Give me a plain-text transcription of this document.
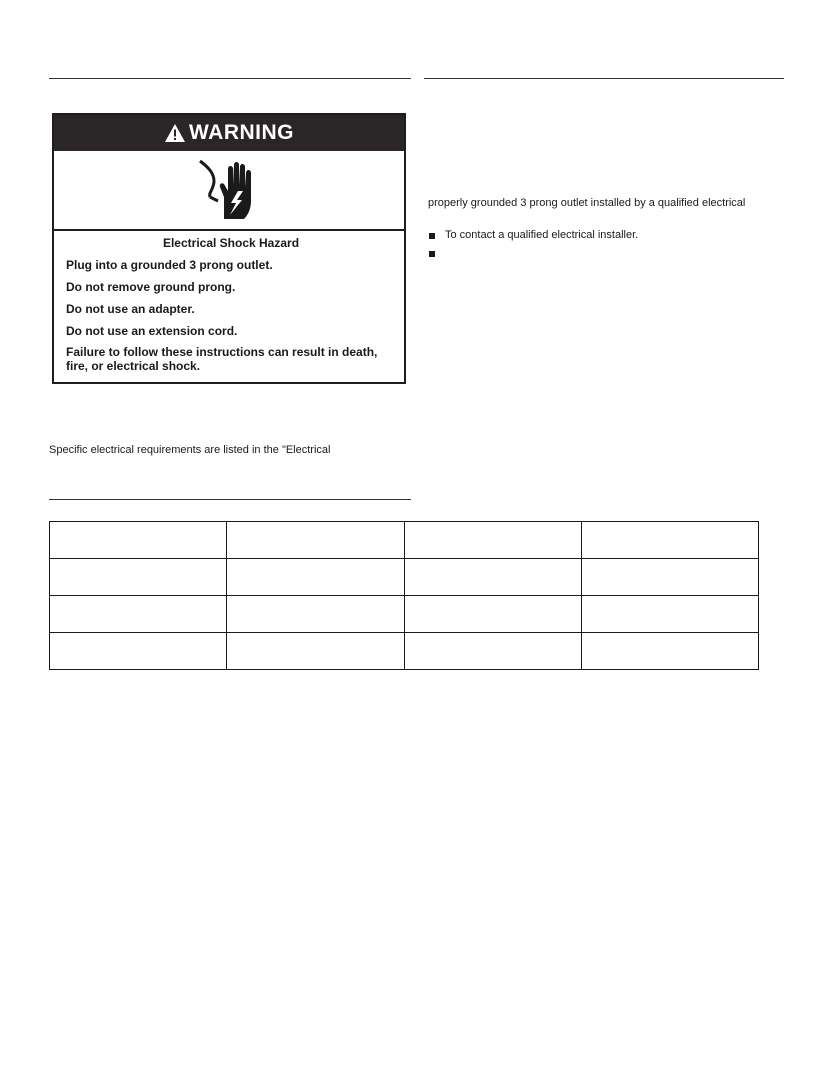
WARNING

Electrical Shock Hazard

Plug into a grounded 3 prong outlet.

Do not remove ground prong.

Do not use an adapter.

Do not use an extension cord.

Failure to follow these instructions can result in death, fire, or electrical shock.

Specific electrical requirements are listed in the "Electrical
properly grounded 3 prong outlet installed by a qualified electrical
To contact a qualified electrical installer.
